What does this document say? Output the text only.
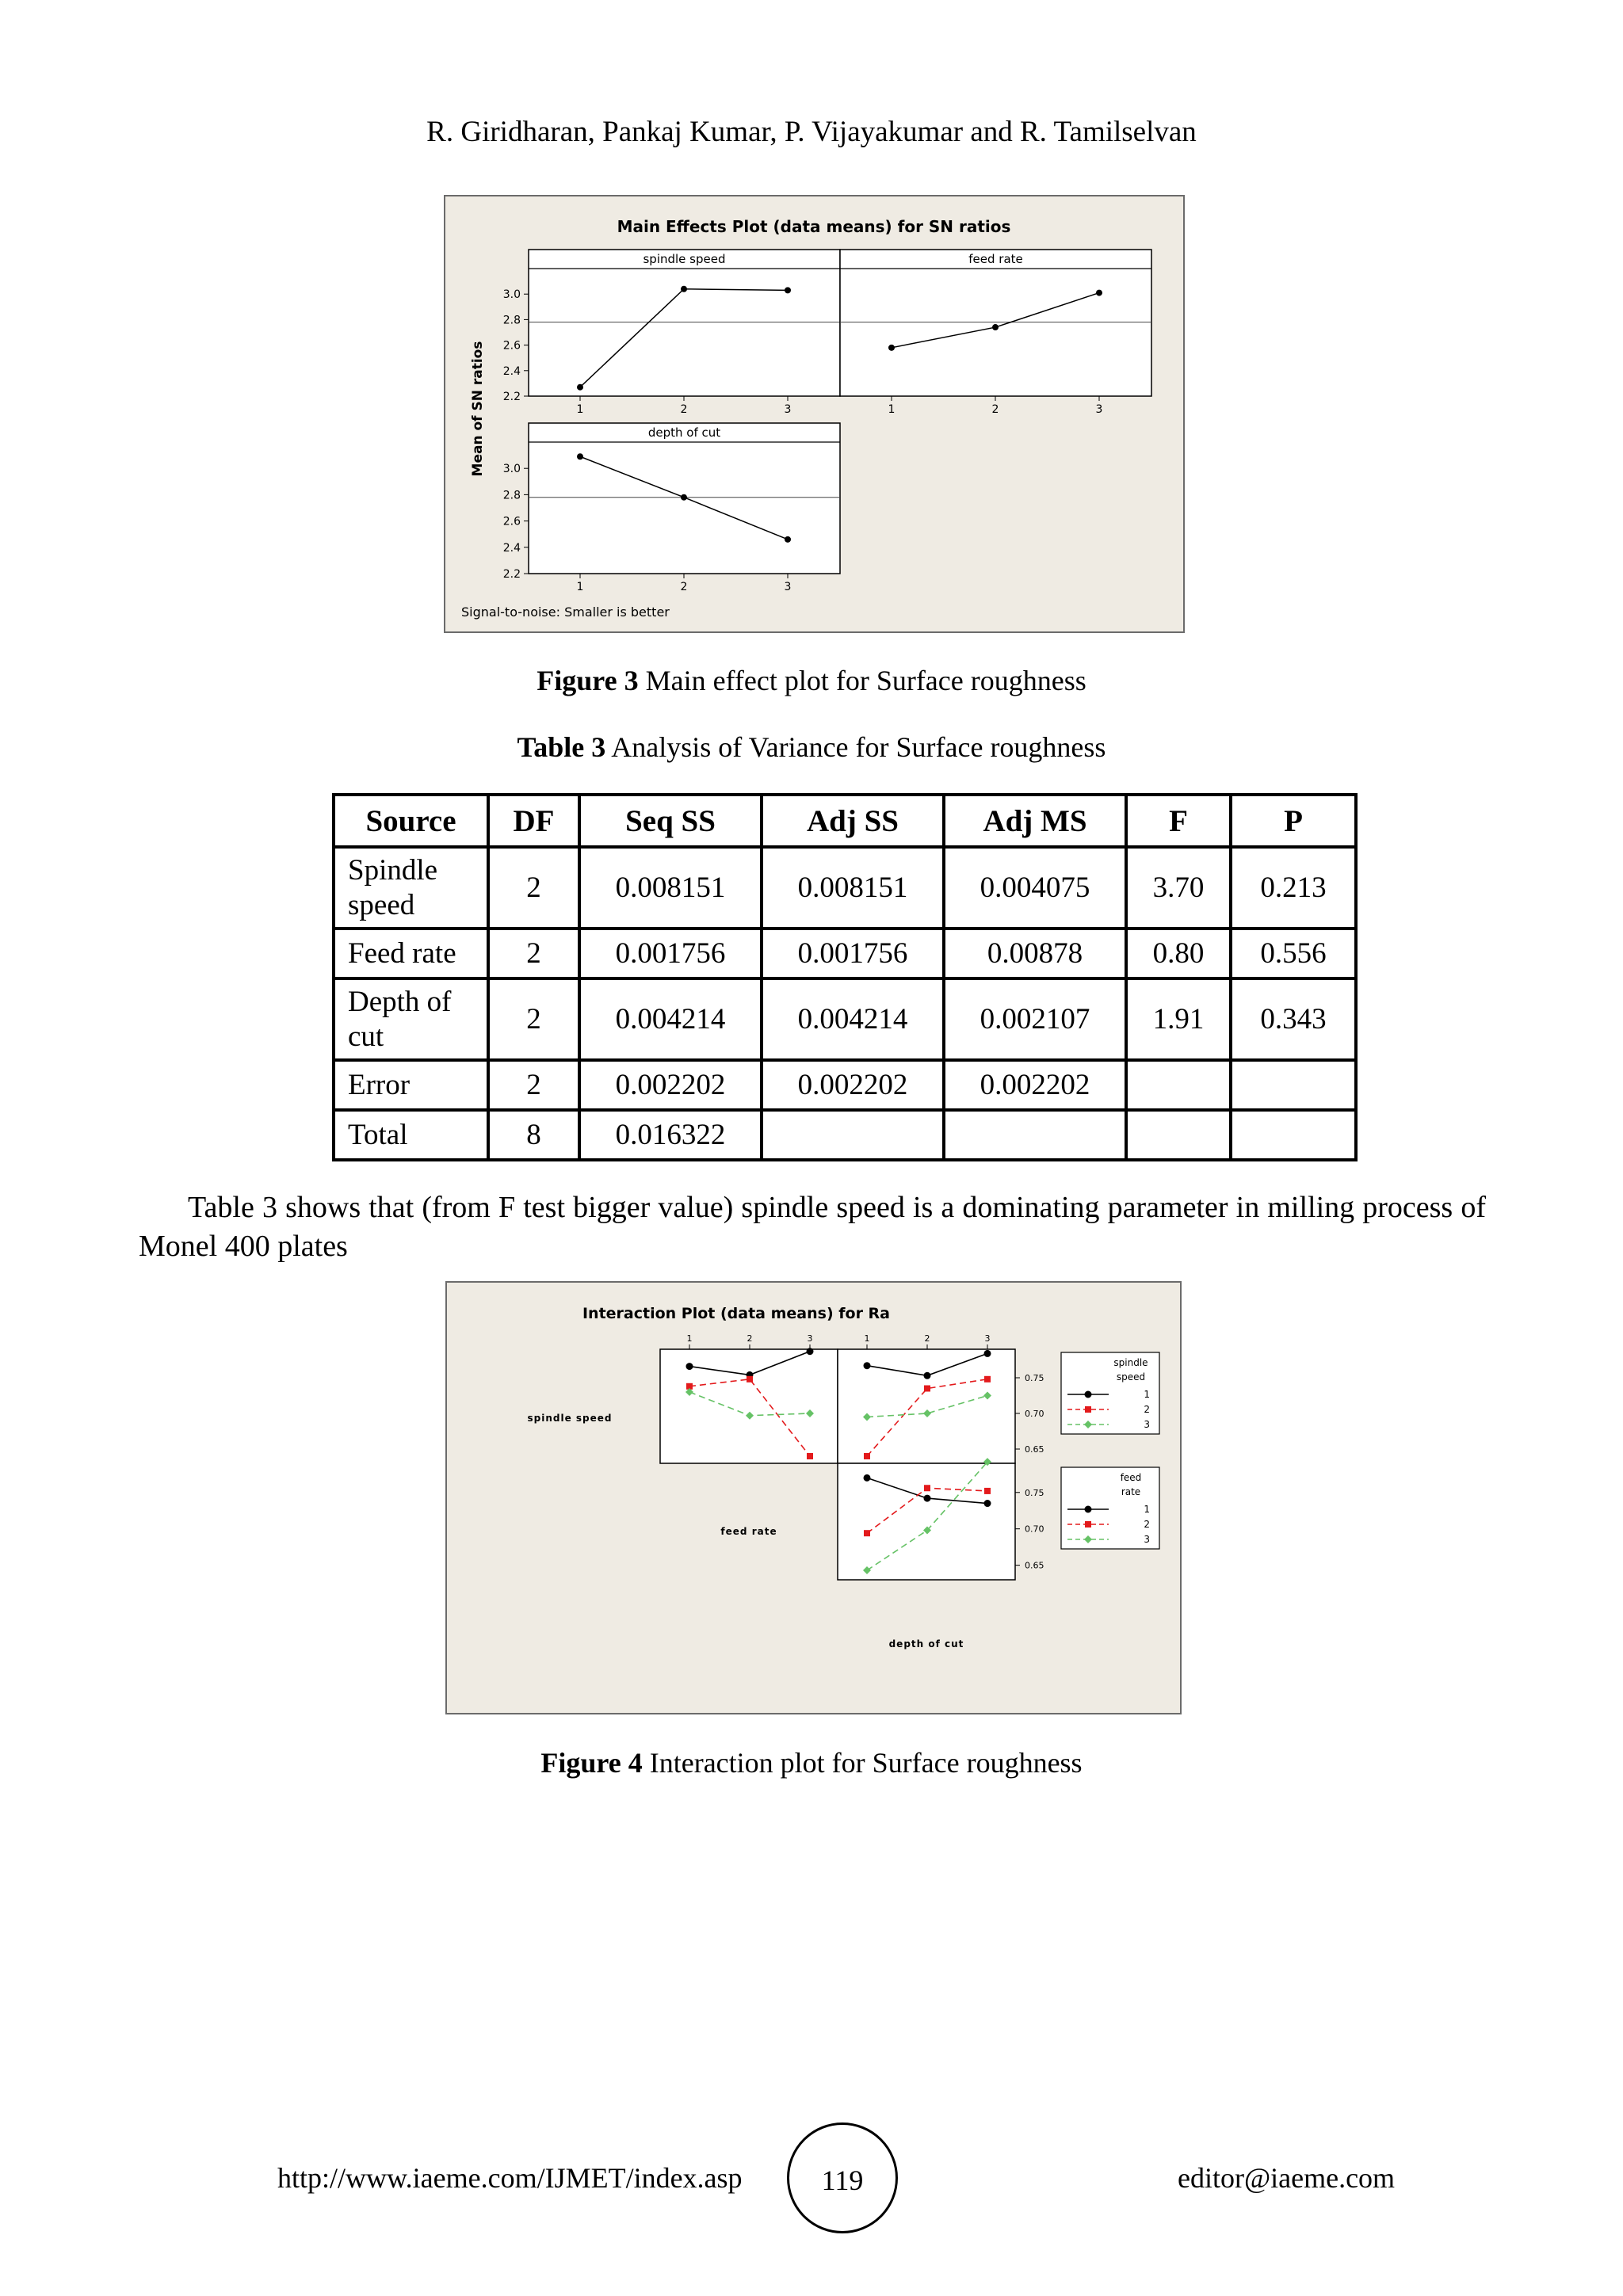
R. Giridharan, Pankaj Kumar, P. Vijayakumar and R. Tamilselvan
Main Effects Plot (data means) for SN ratios
Mean of SN ratios
Signal-to-noise: Smaller is better
spindle speed
1	2	3
2.2
2.4
2.6
2.8
3.0
feed rate
1	2	3
depth of cut
1	2	3
2.2
2.4
2.6
2.8
3.0
Figure 3 Main effect plot for Surface roughness
Table 3 Analysis of Variance for Surface roughness
Source	DF	Seq SS	Adj SS	Adj MS	F	P
Spindle speed	2	0.008151	0.008151	0.004075	3.70	0.213
Feed rate	2	0.001756	0.001756	0.00878	0.80	0.556
Depth of cut	2	0.004214	0.004214	0.002107	1.91	0.343
Error	2	0.002202	0.002202	0.002202		
Total	8	0.016322				
Table 3 shows that (from F test bigger value) spindle speed is a dominating parameter in milling process of Monel 400 plates
Interaction Plot (data means) for Ra
spindle speed
feed rate
depth of cut
1	2	3	1	2	3
0.65
0.70
0.75
0.65
0.70
0.75
spindle
speed
1
2
3
feed
rate
1
2
3
Figure 4 Interaction plot for Surface roughness
http://www.iaeme.com/IJMET/index.asp	119	editor@iaeme.com
